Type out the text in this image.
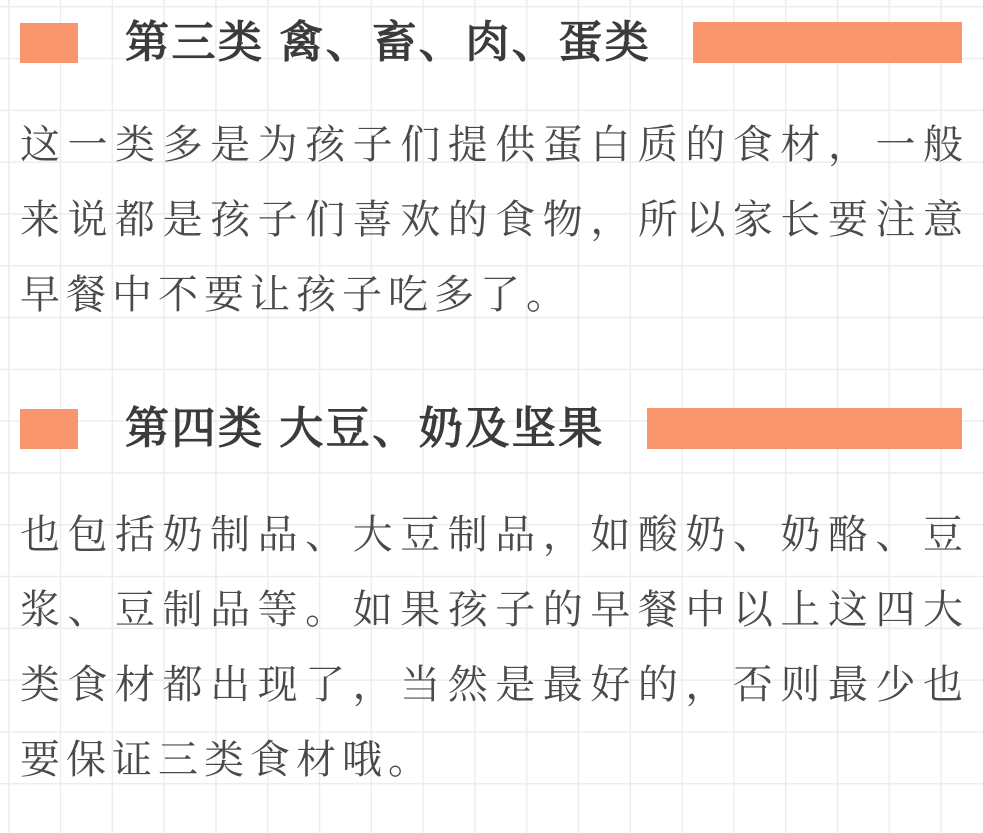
第三类 禽、畜、肉、蛋类
这一类多是为孩子们提供蛋白质的食材，一般
来说都是孩子们喜欢的食物，所以家长要注意
早餐中不要让孩子吃多了。
第四类 大豆、奶及坚果
也包括奶制品、大豆制品，如酸奶、奶酪、豆
浆、豆制品等。如果孩子的早餐中以上这四大
类食材都出现了，当然是最好的，否则最少也
要保证三类食材哦。
